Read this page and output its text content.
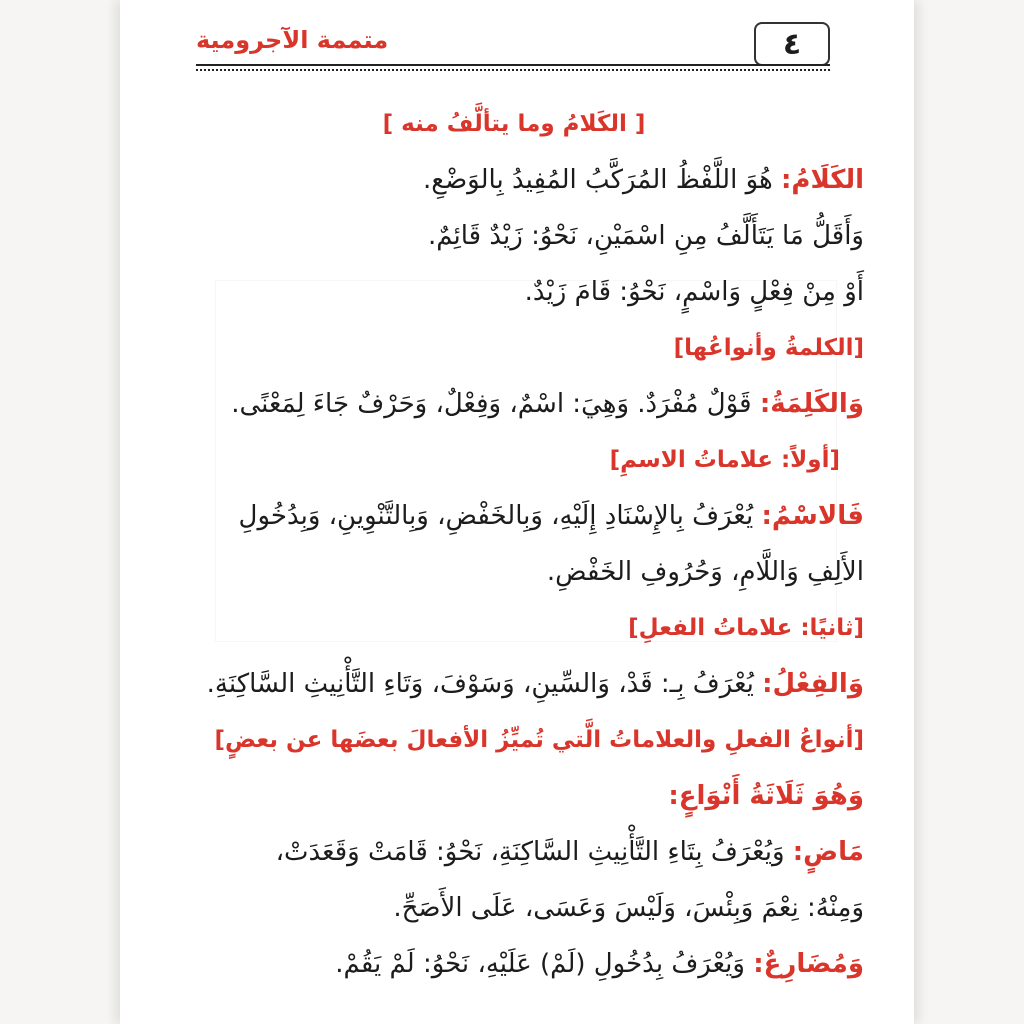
٤
متممة الآجرومية
[ الكَلامُ وما يتألَّفُ منه ]
الكَلَامُ: هُوَ اللَّفْظُ المُرَكَّبُ المُفِيدُ بِالوَضْعِ.
وَأَقَلُّ مَا يَتَأَلَّفُ مِنِ اسْمَيْنِ، نَحْوُ: زَيْدٌ قَائِمٌ.
أَوْ مِنْ فِعْلٍ وَاسْمٍ، نَحْوُ: قَامَ زَيْدٌ.
[الكلمةُ وأنواعُها]
وَالكَلِمَةُ: قَوْلٌ مُفْرَدٌ. وَهِيَ: اسْمٌ، وَفِعْلٌ، وَحَرْفٌ جَاءَ لِمَعْنًى.
[أولاً: علاماتُ الاسمِ]
فَالاسْمُ: يُعْرَفُ بِالإِسْنَادِ إِلَيْهِ، وَبِالخَفْضِ، وَبِالتَّنْوِينِ، وَبِدُخُولِ
الأَلِفِ وَاللَّامِ، وَحُرُوفِ الخَفْضِ.
[ثانيًا: علاماتُ الفعلِ]
وَالفِعْلُ: يُعْرَفُ بِـ: قَدْ، وَالسِّينِ، وَسَوْفَ، وَتَاءِ التَّأْنِيثِ السَّاكِنَةِ.
[أنواعُ الفعلِ والعلاماتُ الَّتي تُميِّزُ الأفعالَ بعضَها عن بعضٍ]
وَهُوَ ثَلَاثَةُ أَنْوَاعٍ:
مَاضٍ: وَيُعْرَفُ بِتَاءِ التَّأْنِيثِ السَّاكِنَةِ، نَحْوُ: قَامَتْ وَقَعَدَتْ،
وَمِنْهُ: نِعْمَ وَبِئْسَ، وَلَيْسَ وَعَسَى، عَلَى الأَصَحِّ.
وَمُضَارِعٌ: وَيُعْرَفُ بِدُخُولِ (لَمْ) عَلَيْهِ، نَحْوُ: لَمْ يَقُمْ.
